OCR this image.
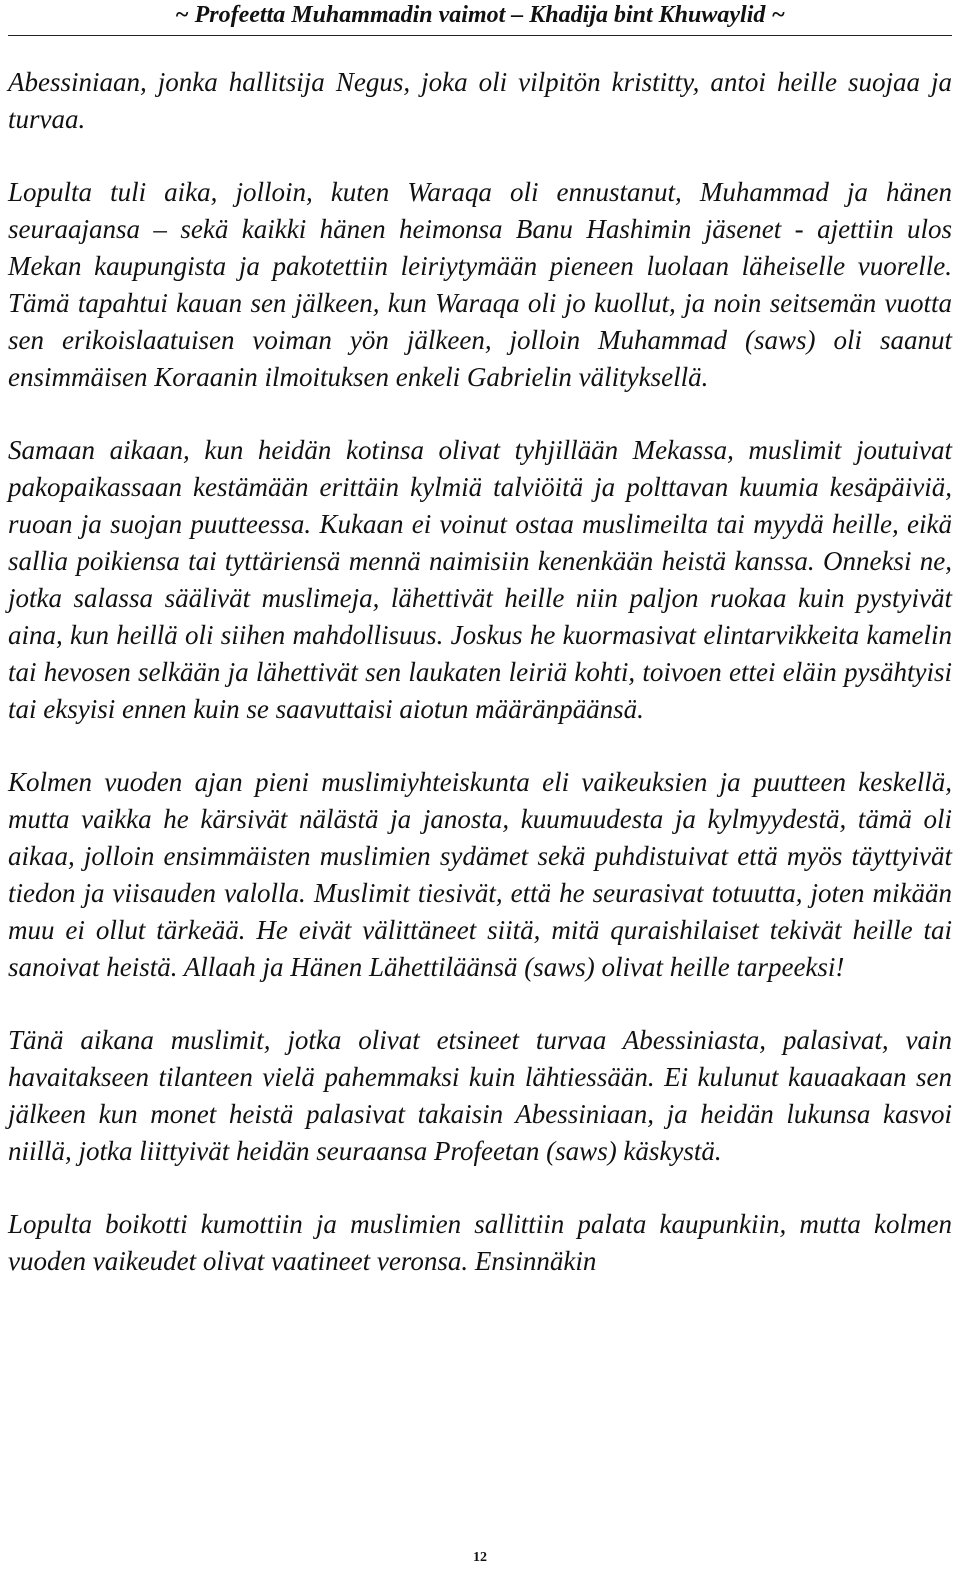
~ Profeetta Muhammadin vaimot – Khadija bint Khuwaylid ~

Abessiniaan, jonka hallitsija Negus, joka oli vilpitön kristitty, antoi heille suojaa ja turvaa.

Lopulta tuli aika, jolloin, kuten Waraqa oli ennustanut, Muhammad ja hänen seuraajansa – sekä kaikki hänen heimonsa Banu Hashimin jäsenet - ajettiin ulos Mekan kaupungista ja pakotettiin leiriytymään pieneen luolaan läheiselle vuorelle. Tämä tapahtui kauan sen jälkeen, kun Waraqa oli jo kuollut, ja noin seitsemän vuotta sen erikoislaatuisen voiman yön jälkeen, jolloin Muhammad (saws) oli saanut ensimmäisen Koraanin ilmoituksen enkeli Gabrielin välityksellä.

Samaan aikaan, kun heidän kotinsa olivat tyhjillään Mekassa, muslimit joutuivat pakopaikassaan kestämään erittäin kylmiä talviöitä ja polttavan kuumia kesäpäiviä, ruoan ja suojan puutteessa. Kukaan ei voinut ostaa muslimeilta tai myydä heille, eikä sallia poikiensa tai tyttäriensä mennä naimisiin kenenkään heistä kanssa. Onneksi ne, jotka salassa säälivät muslimeja, lähettivät heille niin paljon ruokaa kuin pystyivät aina, kun heillä oli siihen mahdollisuus. Joskus he kuormasivat elintarvikkeita kamelin tai hevosen selkään ja lähettivät sen laukaten leiriä kohti, toivoen ettei eläin pysähtyisi tai eksyisi ennen kuin se saavuttaisi aiotun määränpäänsä.

Kolmen vuoden ajan pieni muslimiyhteiskunta eli vaikeuksien ja puutteen keskellä, mutta vaikka he kärsivät nälästä ja janosta, kuumuudesta ja kylmyydestä, tämä oli aikaa, jolloin ensimmäisten muslimien sydämet sekä puhdistuivat että myös täyttyivät tiedon ja viisauden valolla. Muslimit tiesivät, että he seurasivat totuutta, joten mikään muu ei ollut tärkeää. He eivät välittäneet siitä, mitä quraishilaiset tekivät heille tai sanoivat heistä. Allaah ja Hänen Lähettiläänsä (saws) olivat heille tarpeeksi!

Tänä aikana muslimit, jotka olivat etsineet turvaa Abessiniasta, palasivat, vain havaitakseen tilanteen vielä pahemmaksi kuin lähtiessään. Ei kulunut kauaakaan sen jälkeen kun monet heistä palasivat takaisin Abessiniaan, ja heidän lukunsa kasvoi niillä, jotka liittyivät heidän seuraansa Profeetan (saws) käskystä.

Lopulta boikotti kumottiin ja muslimien sallittiin palata kaupunkiin, mutta kolmen vuoden vaikeudet olivat vaatineet veronsa. Ensinnäkin

12
